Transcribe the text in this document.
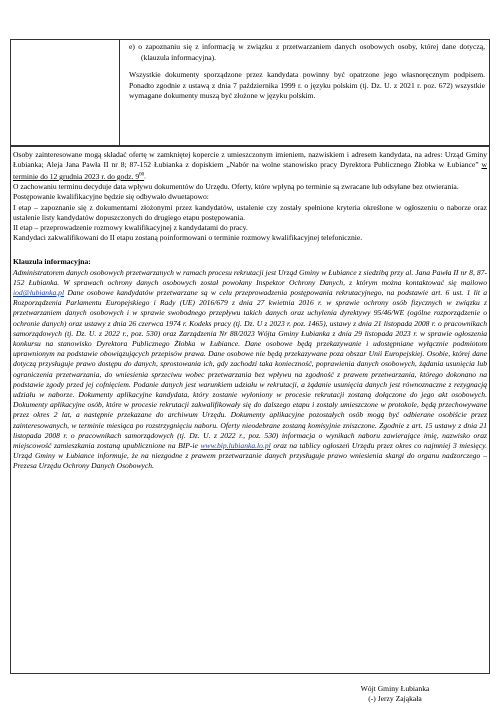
e) o zapoznaniu się z informacją w związku z przetwarzaniem danych osobowych osoby, której dane dotyczą, (klauzula informacyjna).

Wszystkie dokumenty sporządzone przez kandydata powinny być opatrzone jego własnoręcznym podpisem. Ponadto zgodnie z ustawą z dnia 7 października 1999 r. o języku polskim (tj. Dz. U. z 2021 r. poz. 672) wszystkie wymagane dokumenty muszą być złożone w języku polskim.

Osoby zainteresowane mogą składać ofertę w zamkniętej kopercie z umieszczonym imieniem, nazwiskiem i adresem kandydata, na adres: Urząd Gminy Łubianka; Aleja Jana Pawła II nr 8; 87-152 Łubianka z dopiskiem „Nabór na wolne stanowisko pracy Dyrektora Publicznego Żłobka w Łubiance” w terminie do 12 grudnia 2023 r. do godz. $9^{00}$.

O zachowaniu terminu decyduje data wpływu dokumentów do Urzędu. Oferty, które wpłyną po terminie są zwracane lub odsyłane bez otwierania.

Postępowanie kwalifikacyjne będzie się odbywało dwuetapowo:

I etap – zapoznanie się z dokumentami złożonymi przez kandydatów, ustalenie czy zostały spełnione kryteria określone w ogłoszeniu o naborze oraz ustalenie listy kandydatów dopuszczonych do drugiego etapu postępowania.

II etap – przeprowadzenie rozmowy kwalifikacyjnej z kandydatami do pracy.

Kandydaci zakwalifikowani do II etapu zostaną poinformowani o terminie rozmowy kwalifikacyjnej telefonicznie.

Klauzula informacyjna:

Administratorem danych osobowych przetwarzanych w ramach procesu rekrutacji jest Urząd Gminy w Łubiance z siedzibą przy al. Jana Pawła II nr 8, 87-152 Łubianka. W sprawach ochrony danych osobowych został powołany Inspektor Ochrony Danych, z którym można kontaktować się mailowo iod@lubianka.pl Dane osobowe kandydatów przetwarzane są w celu przeprowadzenia postępowania rekrutacyjnego, na podstawie art. 6 ust. 1 lit a Rozporządzenia Parlamentu Europejskiego i Rady (UE) 2016/679 z dnia 27 kwietnia 2016 r. w sprawie ochrony osób fizycznych w związku z przetwarzaniem danych osobowych i w sprawie swobodnego przepływu takich danych oraz uchylenia dyrektywy 95/46/WE (ogólne rozporządzenie o ochronie danych) oraz ustawy z dnia 26 czerwca 1974 r. Kodeks pracy (tj. Dz. U z 2023 r. poz. 1465), ustawy z dnia 21 listopada 2008 r. o pracownikach samorządowych (tj. Dz. U. z 2022 r., poz. 530) oraz Zarządzenia Nr 88/2023 Wójta Gminy Łubianka z dnia 29 listopada 2023 r. w sprawie ogłoszenia konkursu na stanowisko Dyrektora Publicznego Żłobka w Łubiance. Dane osobowe będą przekazywanie i udostępniane wyłącznie podmiotom uprawnionym na podstawie obowiązujących przepisów prawa. Dane osobowe nie będą przekazywane poza obszar Unii Europejskiej. Osobie, której dane dotyczą przysługuje prawo dostępu do danych, sprostowania ich, gdy zachodzi taka konieczność, poprawienia danych osobowych, żądania usunięcia lub ograniczenia przetwarzania, do wniesienia sprzeciwu wobec przetwarzania bez wpływu na zgodność z prawem przetwarzania, którego dokonano na podstawie zgody przed jej cofnięciem. Podanie danych jest warunkiem udziału w rekrutacji, a żądanie usunięcia danych jest równoznaczne z rezygnacją udziału w naborze. Dokumenty aplikacyjne kandydata, który zostanie wyłoniony w procesie rekrutacji zostaną dołączone do jego akt osobowych. Dokumenty aplikacyjne osób, które w procesie rekrutacji zakwalifikowały się do dalszego etapu i zostały umieszczone w protokole, będą przechowywane przez okres 2 lat, a następnie przekazane do archiwum Urzędu. Dokumenty aplikacyjne pozostałych osób mogą być odbierane osobiście przez zainteresowanych, w terminie miesiąca po rozstrzygnięciu naboru. Oferty nieodebrane zostaną komisyjnie zniszczone. Zgodnie z art. 15 ustawy z dnia 21 listopada 2008 r. o pracownikach samorządowych (tj. Dz. U. z 2022 r., poz. 530) informacja o wynikach naboru zawierające imię, nazwisko oraz miejscowość zamieszkania zostaną upublicznione na BIP-ie www.bip.lubianka.lo.pl oraz na tablicy ogłoszeń Urzędu przez okres co najmniej 3 miesięcy. Urząd Gminy w Łubiance informuje, że na niezgodne z prawem przetwarzanie danych przysługuje prawo wniesienia skargi do organu nadzorczego – Prezesa Urzędu Ochrony Danych Osobowych.

Wójt Gminy Łubianka
(-) Jerzy Zająkała
